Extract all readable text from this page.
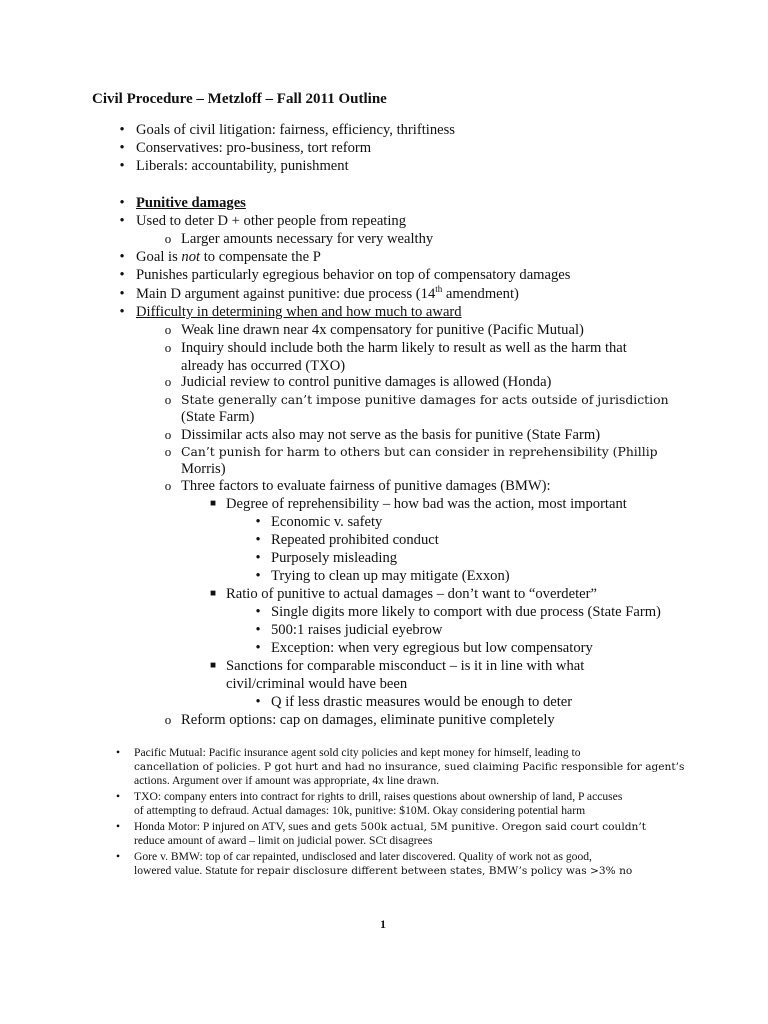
Civil Procedure – Metzloff – Fall 2011 Outline
• Goals of civil litigation: fairness, efficiency, thriftiness
• Conservatives: pro-business, tort reform
• Liberals: accountability, punishment
• Punitive damages
• Used to deter D + other people from repeating
o Larger amounts necessary for very wealthy
• Goal is not to compensate the P
• Punishes particularly egregious behavior on top of compensatory damages
• Main D argument against punitive: due process (14th amendment)
• Difficulty in determining when and how much to award
o Weak line drawn near 4x compensatory for punitive (Pacific Mutual)
o Inquiry should include both the harm likely to result as well as the harm that
already has occurred (TXO)
o Judicial review to control punitive damages is allowed (Honda)
o State generally can’t impose punitive damages for acts outside of jurisdiction
(State Farm)
o Dissimilar acts also may not serve as the basis for punitive (State Farm)
o Can’t punish for harm to others but can consider in reprehensibility (Phillip
Morris)
o Three factors to evaluate fairness of punitive damages (BMW):
■ Degree of reprehensibility – how bad was the action, most important
• Economic v. safety
• Repeated prohibited conduct
• Purposely misleading
• Trying to clean up may mitigate (Exxon)
■ Ratio of punitive to actual damages – don’t want to “overdeter”
• Single digits more likely to comport with due process (State Farm)
• 500:1 raises judicial eyebrow
• Exception: when very egregious but low compensatory
■ Sanctions for comparable misconduct – is it in line with what
civil/criminal would have been
• Q if less drastic measures would be enough to deter
o Reform options: cap on damages, eliminate punitive completely
•	Pacific Mutual: Pacific insurance agent sold city policies and kept money for himself, leading to
cancellation of policies. P got hurt and had no insurance, sued claiming Pacific responsible for agent’s
actions. Argument over if amount was appropriate, 4x line drawn.
•	TXO: company enters into contract for rights to drill, raises questions about ownership of land, P accuses
of attempting to defraud. Actual damages: 10k, punitive: $10M. Okay considering potential harm
•	Honda Motor: P injured on ATV, sues and gets 500k actual, 5M punitive. Oregon said court couldn’t
reduce amount of award – limit on judicial power. SCt disagrees
•	Gore v. BMW: top of car repainted, undisclosed and later discovered. Quality of work not as good,
lowered value. Statute for repair disclosure different between states, BMW’s policy was >3% no
1
